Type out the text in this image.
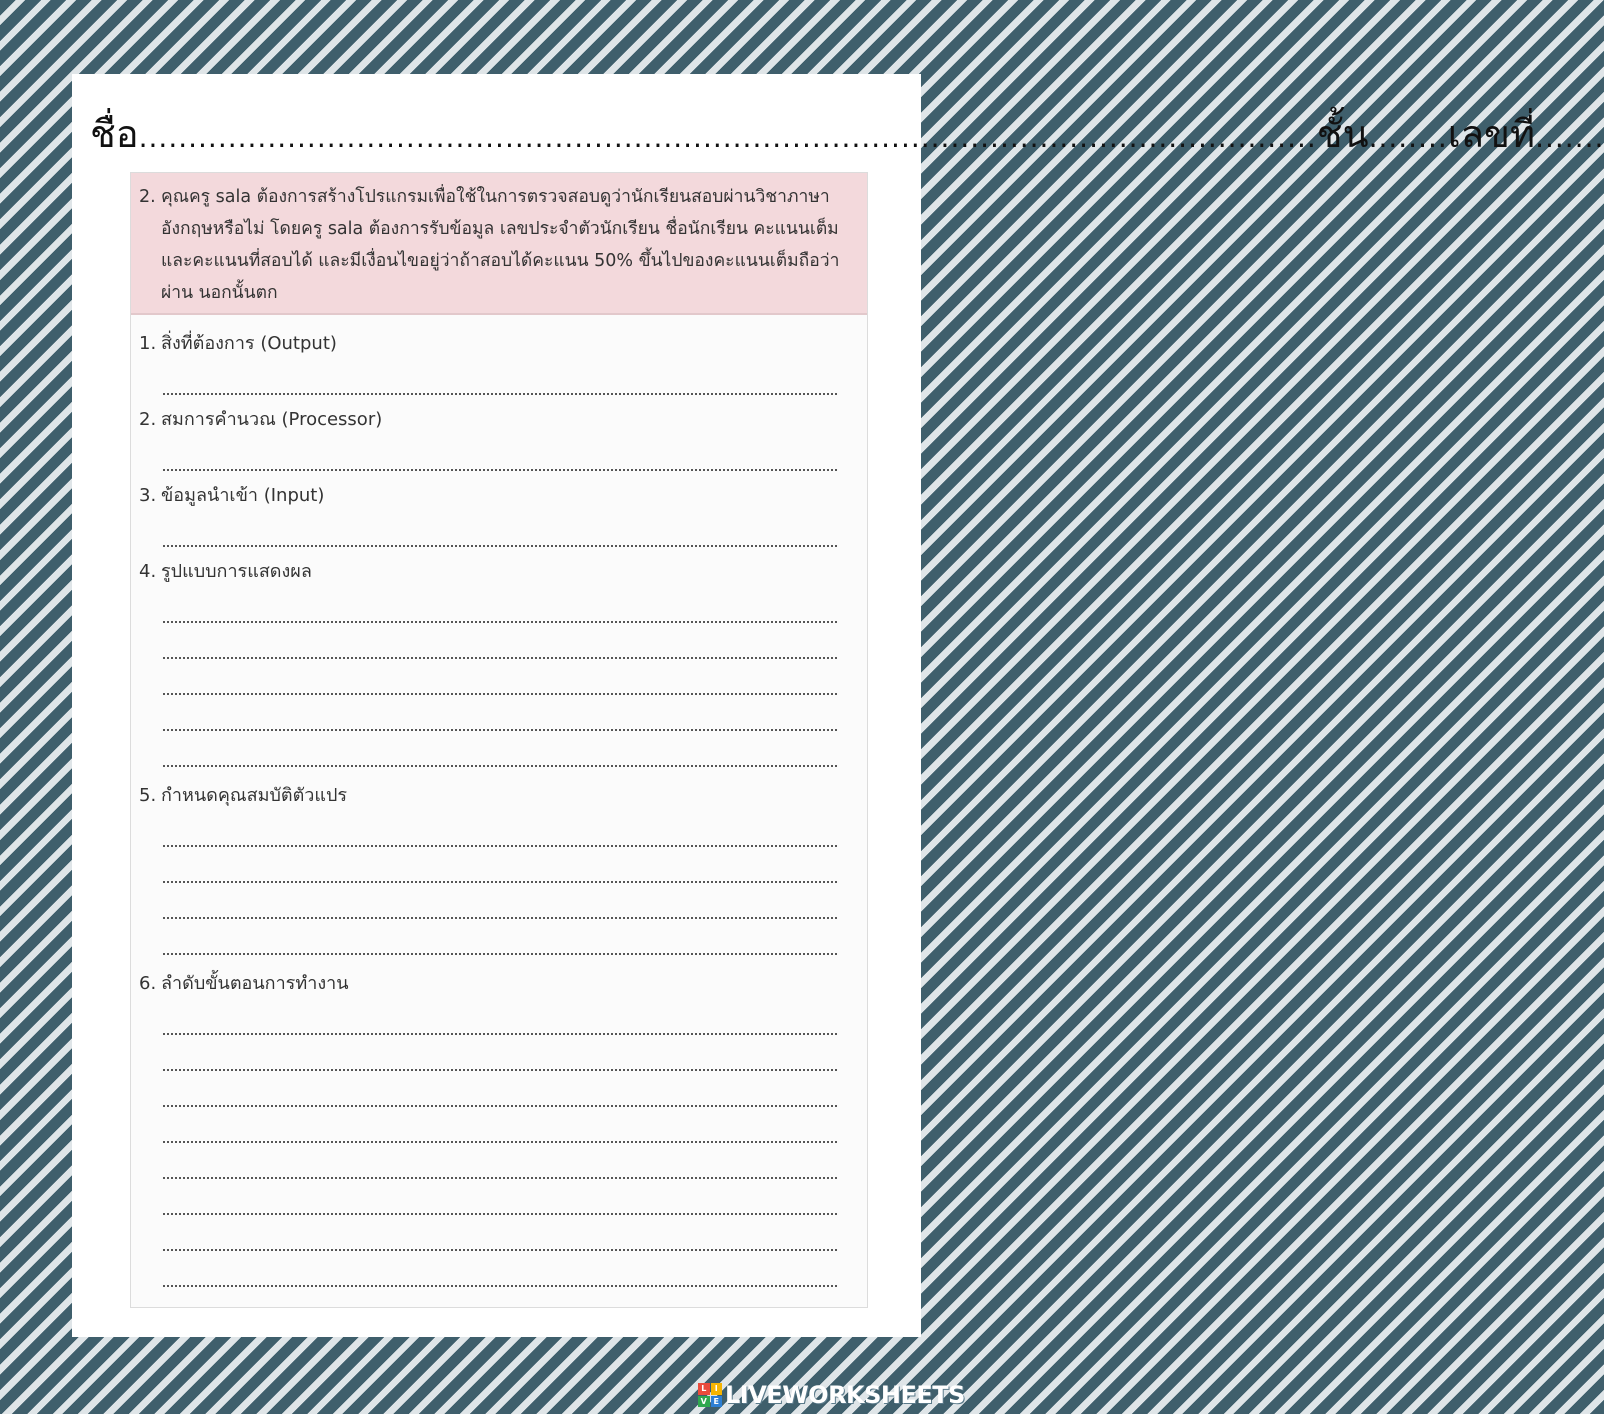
ชื่อ ....................................................................................................................... ชั้น ........ เลขที่ .......
2. คุณครู sala ต้องการสร้างโปรแกรมเพื่อใช้ในการตรวจสอบดูว่านักเรียนสอบผ่านวิชาภาษาอังกฤษหรือไม่ โดยครู sala ต้องการรับข้อมูล เลขประจำตัวนักเรียน ชื่อนักเรียน คะแนนเต็ม และคะแนนที่สอบได้ และมีเงื่อนไขอยู่ว่าถ้าสอบได้คะแนน 50% ขึ้นไปของคะแนนเต็มถือว่าผ่าน นอกนั้นตก
1. สิ่งที่ต้องการ (Output)
2. สมการคำนวณ (Processor)
3. ข้อมูลนำเข้า (Input)
4. รูปแบบการแสดงผล
5. กำหนดคุณสมบัติตัวแปร
6. ลำดับขั้นตอนการทำงาน
L	I
V E LIVEWORKSHEETS
